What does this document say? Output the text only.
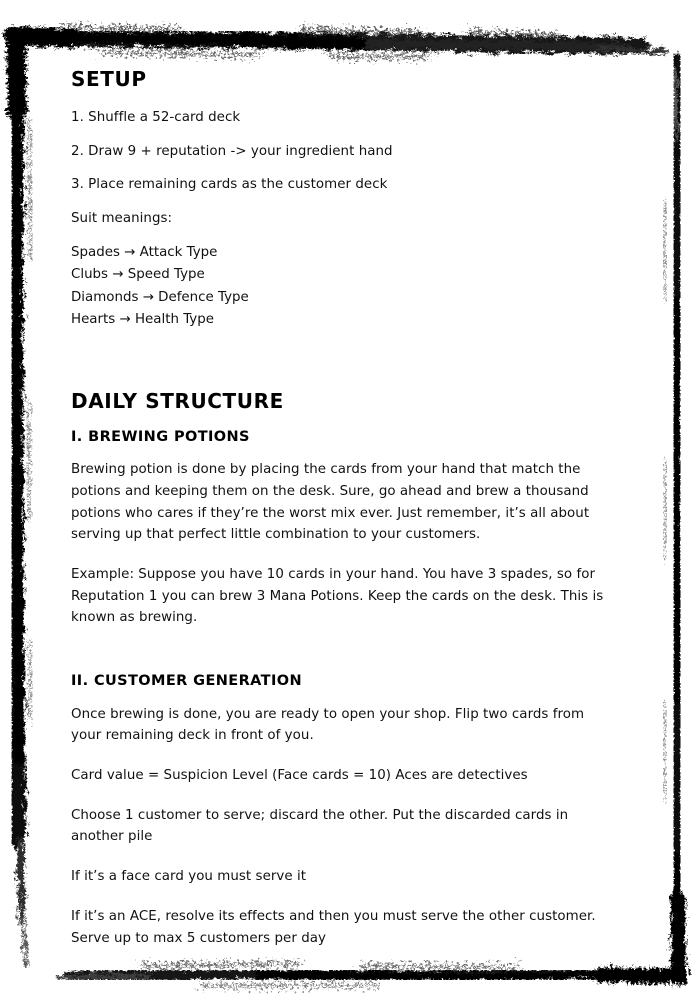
SETUP

1. Shuffle a 52-card deck

2. Draw 9 + reputation -> your ingredient hand

3. Place remaining cards as the customer deck

Suit meanings:

Spades → Attack Type
Clubs → Speed Type
Diamonds → Defence Type
Hearts → Health Type
DAILY STRUCTURE
I. BREWING POTIONS

Brewing potion is done by placing the cards from your hand that match the potions and keeping them on the desk. Sure, go ahead and brew a thousand potions who cares if they’re the worst mix ever. Just remember, it’s all about serving up that perfect little combination to your customers.

Example: Suppose you have 10 cards in your hand. You have 3 spades, so for Reputation 1 you can brew 3 Mana Potions. Keep the cards on the desk. This is known as brewing.

II. CUSTOMER GENERATION

Once brewing is done, you are ready to open your shop. Flip two cards from your remaining deck in front of you.

Card value = Suspicion Level (Face cards = 10) Aces are detectives

Choose 1 customer to serve; discard the other. Put the discarded cards in another pile

If it’s a face card you must serve it

If it’s an ACE, resolve its effects and then you must serve the other customer. Serve up to max 5 customers per day
